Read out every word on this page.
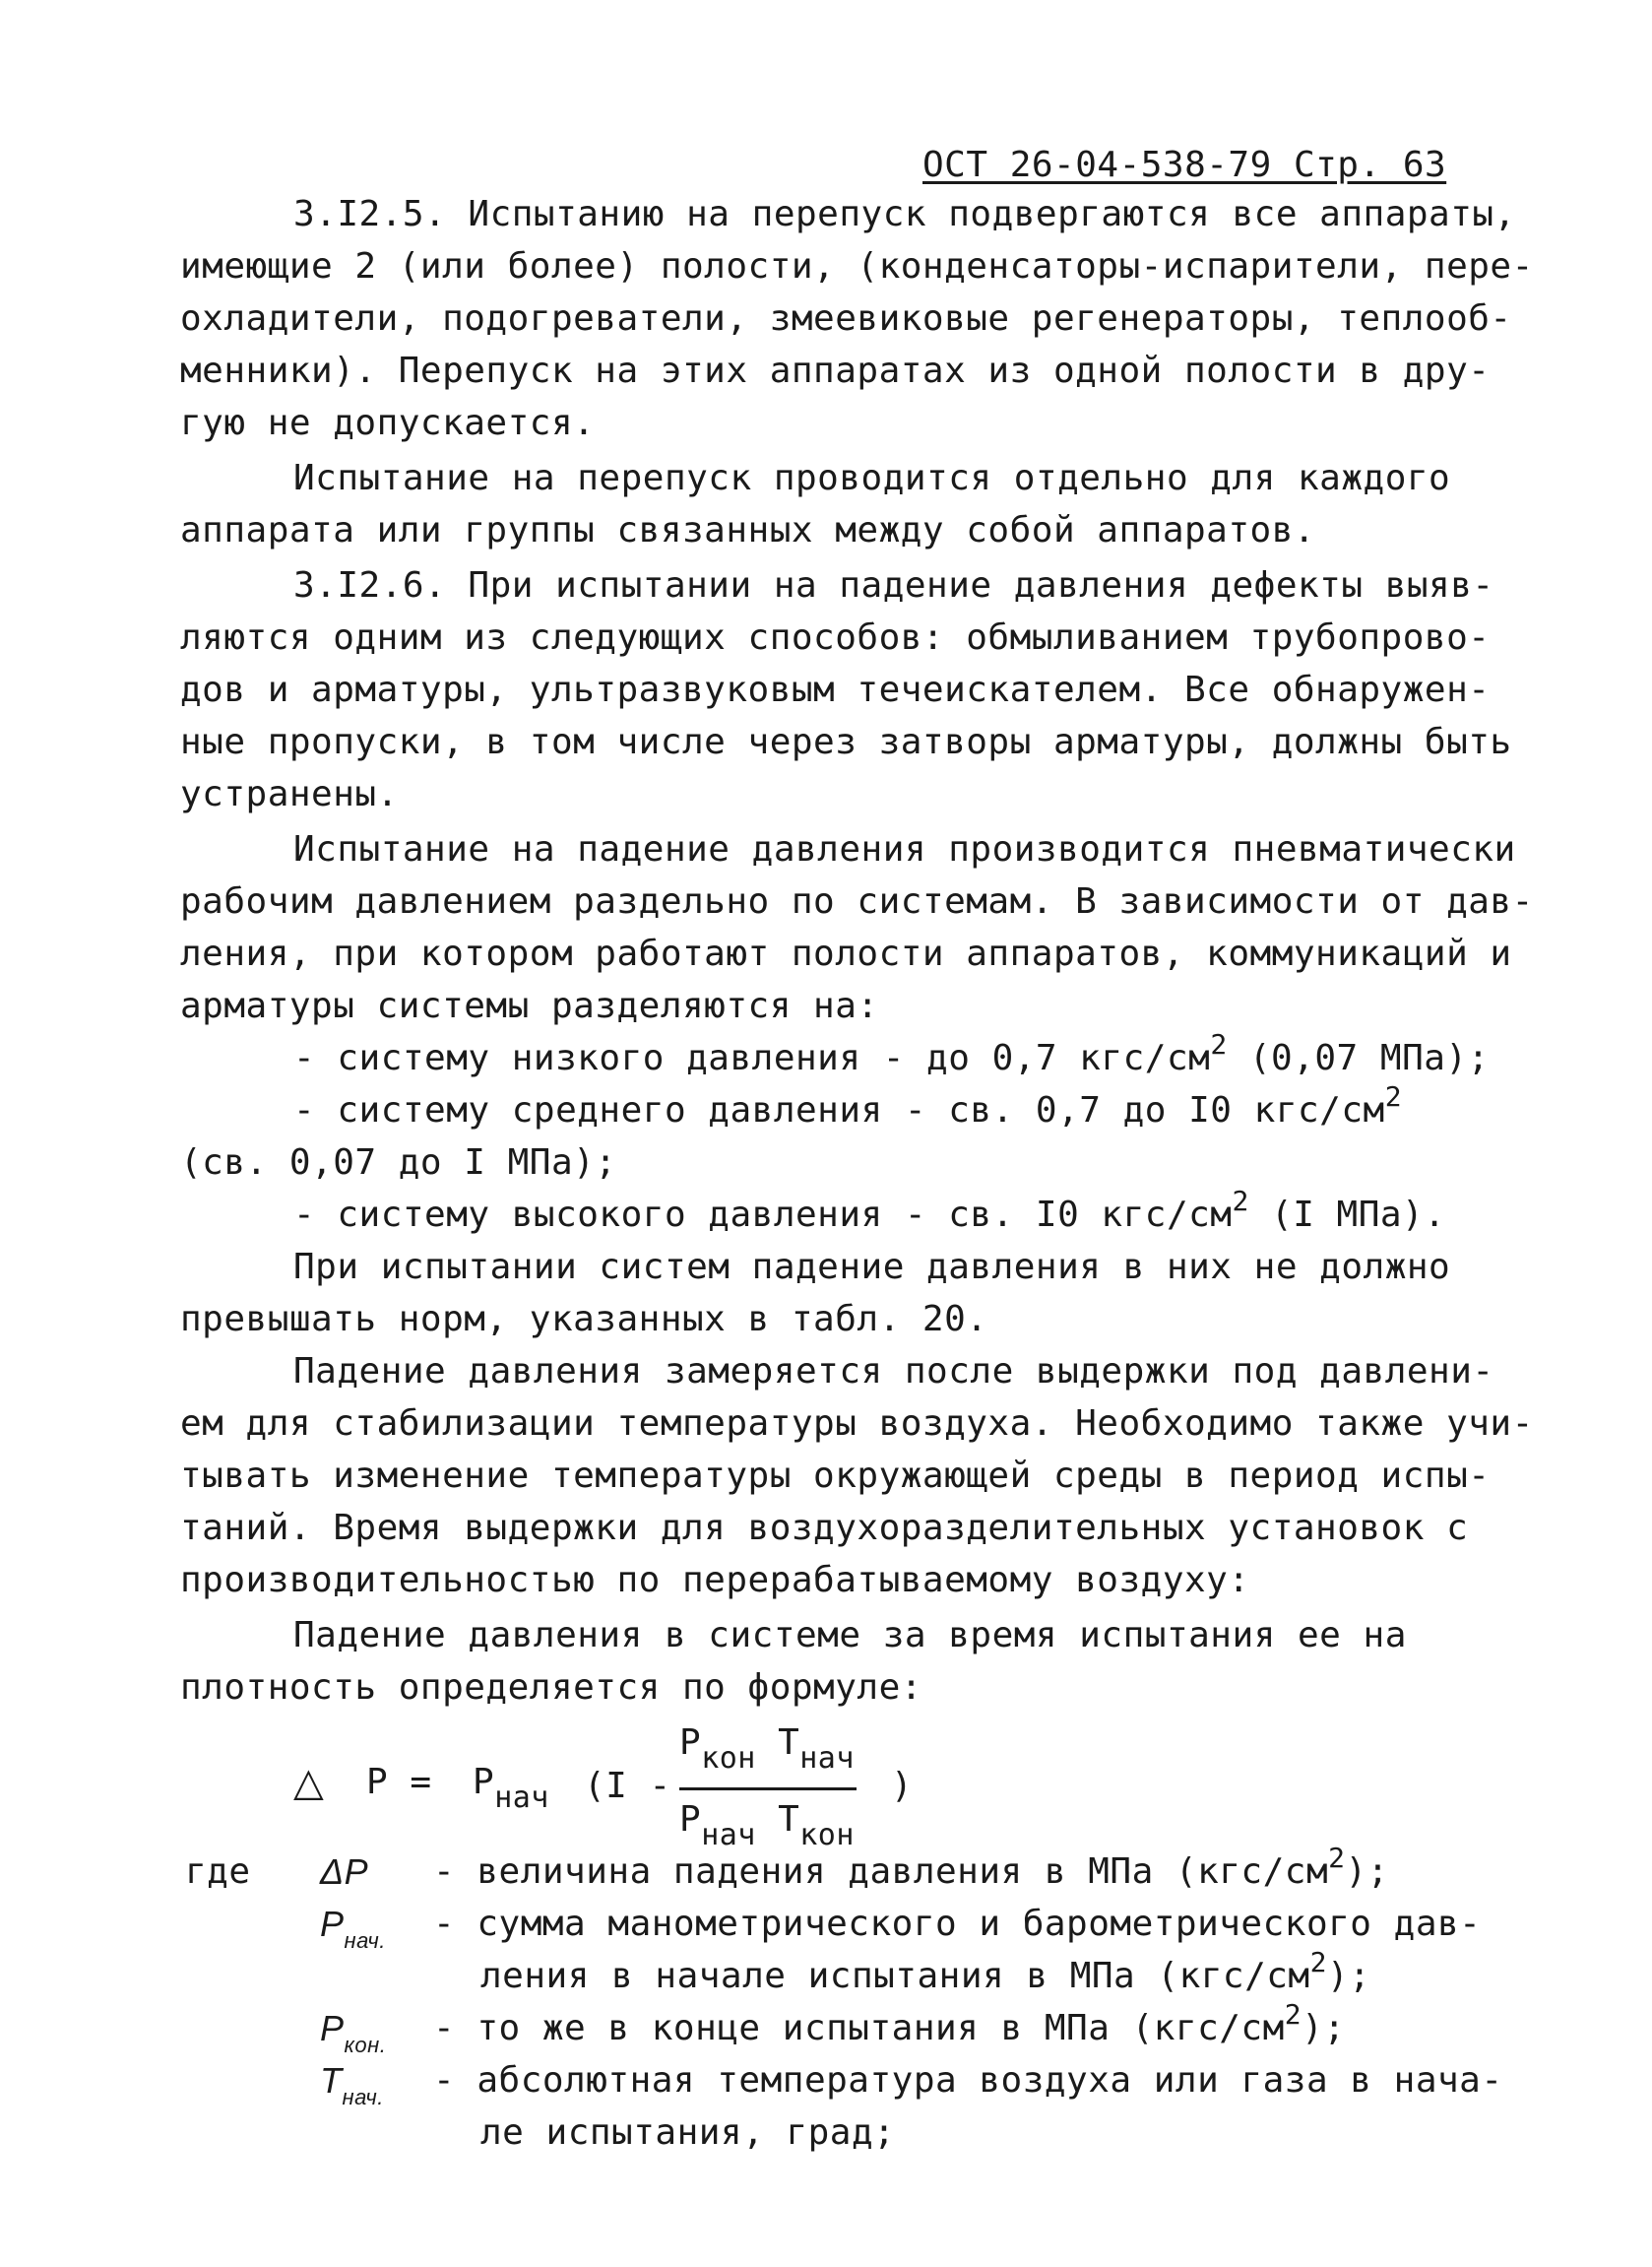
ОСТ 26-04-538-79 Стр. 63
3.I2.5. Испытанию на перепуск подвергаются все аппараты,
имеющие 2 (или более) полости, (конденсаторы-испарители, пере-
охладители, подогреватели, змеевиковые регенераторы, теплооб-
менники). Перепуск на этих аппаратах из одной полости в дру-
гую не допускается.
Испытание на перепуск проводится отдельно для каждого
аппарата или группы связанных между собой аппаратов.
3.I2.6. При испытании на падение давления дефекты выяв-
ляются одним из следующих способов: обмыливанием трубопрово-
дов и арматуры, ультразвуковым течеискателем. Все обнаружен-
ные пропуски, в том числе через затворы арматуры, должны быть
устранены.
Испытание на падение давления производится пневматически
рабочим давлением раздельно по системам. В зависимости от дав-
ления, при котором работают полости аппаратов, коммуникаций и
арматуры системы разделяются на:
- систему низкого давления - до 0,7 кгс/$см^2$ (0,07 МПа);
- систему среднего давления - св. 0,7 до I0 кгс/$см^2$
(св. 0,07 до I МПа);
- систему высокого давления - св. I0 кгс/$см^2$ (I МПа).
При испытании систем падение давления в них не должно
превышать норм, указанных в табл. 20.
Падение давления замеряется после выдержки под давлени-
ем для стабилизации температуры воздуха. Необходимо также учи-
тывать изменение температуры окружающей среды в период испы-
таний. Время выдержки для воздухоразделительных установок с
производительностью по перерабатываемому воздуху:
Падение давления в системе за время испытания ее на
плотность определяется по формуле:
△ $P = P_{нач}$ (I -
$P_{кон}$ $T_{нач}$
$P_{нач}$ $T_{кон}$
)
где ΔP - величина падения давления в МПа $(кгс/см^2)$;
$P_{нач.}$ - сумма манометрического и барометрического дав-
ления в начале испытания в МПа $(кгс/см^2)$;
$P_{кон.}$ - то же в конце испытания в МПа $(кгс/см^2)$;
$T_{нач.}$ - абсолютная температура воздуха или газа в нача-
ле испытания, град;
